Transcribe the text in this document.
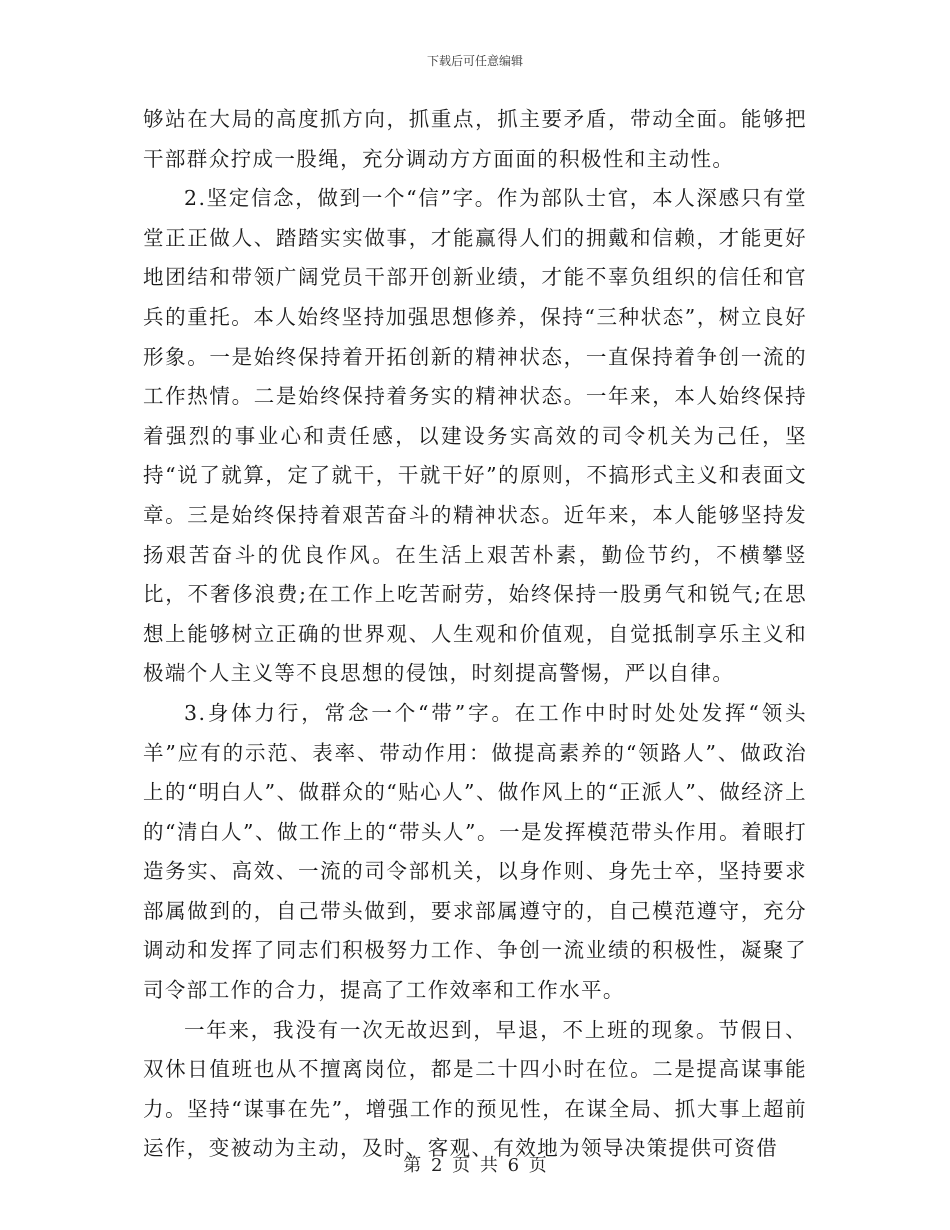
下载后可任意编辑

够站在大局的高度抓方向，抓重点，抓主要矛盾，带动全面。能够把干部群众拧成一股绳，充分调动方方面面的积极性和主动性。

2.坚定信念，做到一个“信”字。作为部队士官，本人深感只有堂堂正正做人、踏踏实实做事，才能赢得人们的拥戴和信赖，才能更好地团结和带领广阔党员干部开创新业绩，才能不辜负组织的信任和官兵的重托。本人始终坚持加强思想修养，保持“三种状态”，树立良好形象。一是始终保持着开拓创新的精神状态，一直保持着争创一流的工作热情。二是始终保持着务实的精神状态。一年来，本人始终保持着强烈的事业心和责任感，以建设务实高效的司令机关为己任，坚持“说了就算，定了就干，干就干好”的原则，不搞形式主义和表面文章。三是始终保持着艰苦奋斗的精神状态。近年来，本人能够坚持发扬艰苦奋斗的优良作风。在生活上艰苦朴素，勤俭节约，不横攀竖比，不奢侈浪费;在工作上吃苦耐劳，始终保持一股勇气和锐气;在思想上能够树立正确的世界观、人生观和价值观，自觉抵制享乐主义和极端个人主义等不良思想的侵蚀，时刻提高警惕，严以自律。

3.身体力行，常念一个“带”字。在工作中时时处处发挥“领头羊”应有的示范、表率、带动作用：做提高素养的“领路人”、做政治上的“明白人”、做群众的“贴心人”、做作风上的“正派人”、做经济上的“清白人”、做工作上的“带头人”。一是发挥模范带头作用。着眼打造务实、高效、一流的司令部机关，以身作则、身先士卒，坚持要求部属做到的，自己带头做到，要求部属遵守的，自己模范遵守，充分调动和发挥了同志们积极努力工作、争创一流业绩的积极性，凝聚了司令部工作的合力，提高了工作效率和工作水平。

一年来，我没有一次无故迟到，早退，不上班的现象。节假日、双休日值班也从不擅离岗位，都是二十四小时在位。二是提高谋事能力。坚持“谋事在先”，增强工作的预见性，在谋全局、抓大事上超前运作，变被动为主动，及时、客观、有效地为领导决策提供可资借

第 2 页 共 6 页
